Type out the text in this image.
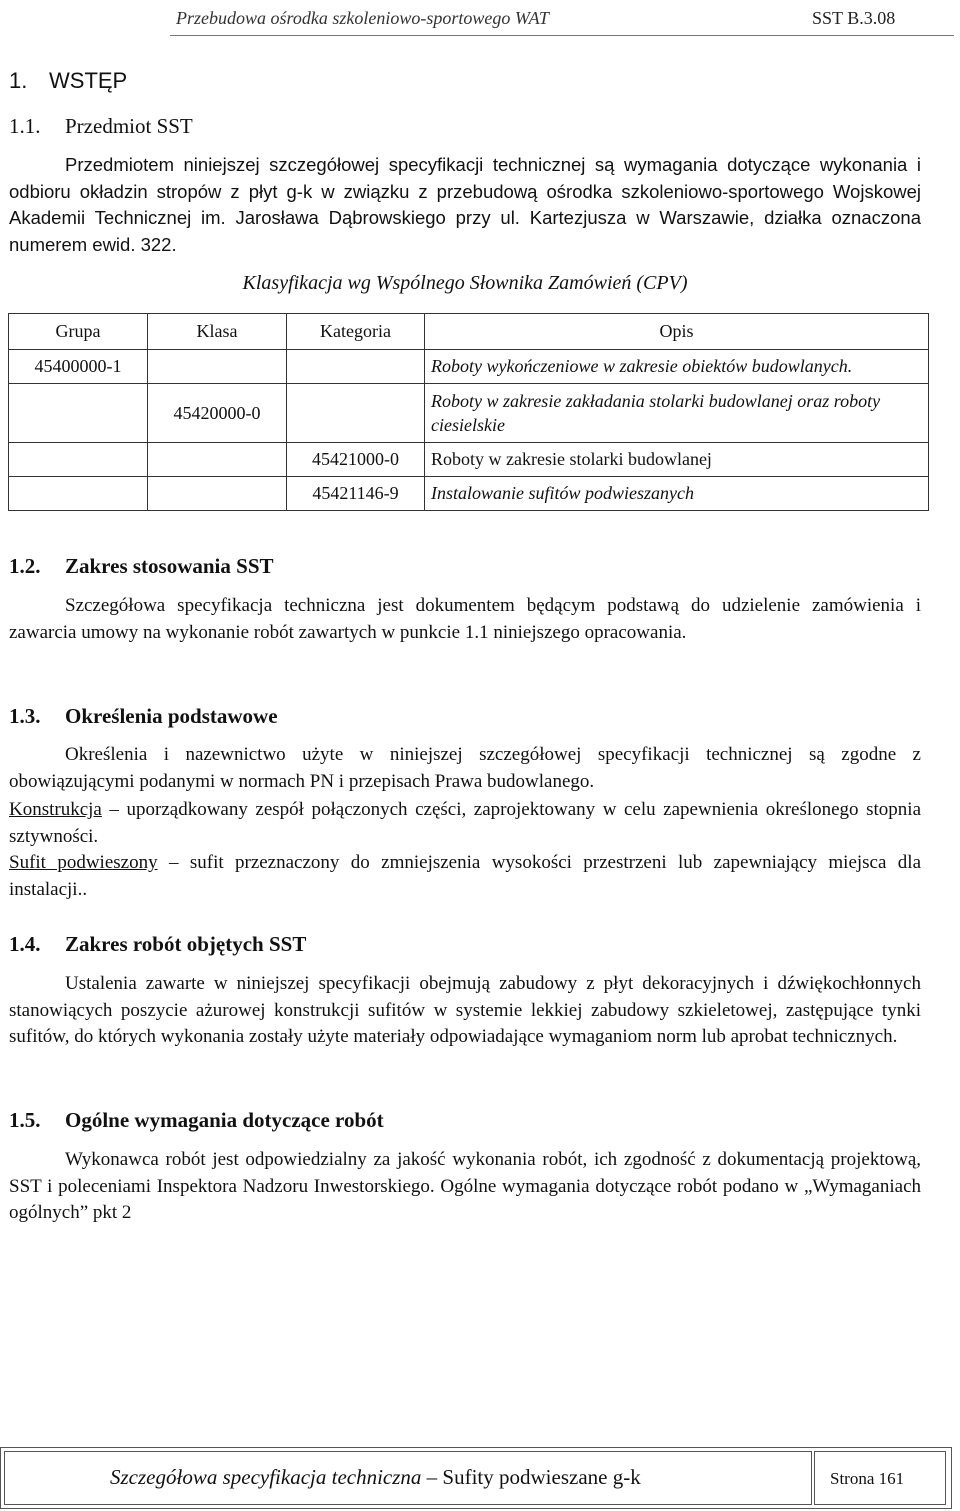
Przebudowa ośrodka szkoleniowo-sportowego WAT	SST B.3.08
1. WSTĘP
1.1. Przedmiot SST
Przedmiotem niniejszej szczegółowej specyfikacji technicznej są wymagania dotyczące wykonania i odbioru okładzin stropów z płyt g-k w związku z przebudową ośrodka szkoleniowo-sportowego Wojskowej Akademii Technicznej im. Jarosława Dąbrowskiego przy ul. Kartezjusza w Warszawie, działka oznaczona numerem ewid. 322.
Klasyfikacja wg Wspólnego Słownika Zamówień (CPV)
Grupa	Klasa	Kategoria	Opis
45400000-1			Roboty wykończeniowe w zakresie obiektów budowlanych.
	45420000-0		Roboty w zakresie zakładania stolarki budowlanej oraz roboty ciesielskie
		45421000-0	Roboty w zakresie stolarki budowlanej
		45421146-9	Instalowanie sufitów podwieszanych
1.2. Zakres stosowania SST
Szczegółowa specyfikacja techniczna jest dokumentem będącym podstawą do udzielenie zamówienia i zawarcia umowy na wykonanie robót zawartych w punkcie 1.1 niniejszego opracowania.
1.3. Określenia podstawowe
Określenia i nazewnictwo użyte w niniejszej szczegółowej specyfikacji technicznej są zgodne z obowiązującymi podanymi w normach PN i przepisach Prawa budowlanego.
Konstrukcja – uporządkowany zespół połączonych części, zaprojektowany w celu zapewnienia określonego stopnia sztywności.
Sufit podwieszony – sufit przeznaczony do zmniejszenia wysokości przestrzeni lub zapewniający miejsca dla instalacji..
1.4. Zakres robót objętych SST
Ustalenia zawarte w niniejszej specyfikacji obejmują zabudowy z płyt dekoracyjnych i dźwiękochłonnych stanowiących poszycie ażurowej konstrukcji sufitów w systemie lekkiej zabudowy szkieletowej, zastępujące tynki sufitów, do których wykonania zostały użyte materiały odpowiadające wymaganiom norm lub aprobat technicznych.
1.5. Ogólne wymagania dotyczące robót
Wykonawca robót jest odpowiedzialny za jakość wykonania robót, ich zgodność z dokumentacją projektową, SST i poleceniami Inspektora Nadzoru Inwestorskiego. Ogólne wymagania dotyczące robót podano w „Wymaganiach ogólnych” pkt 2
Szczegółowa specyfikacja techniczna – Sufity podwieszane g-k	Strona 161
